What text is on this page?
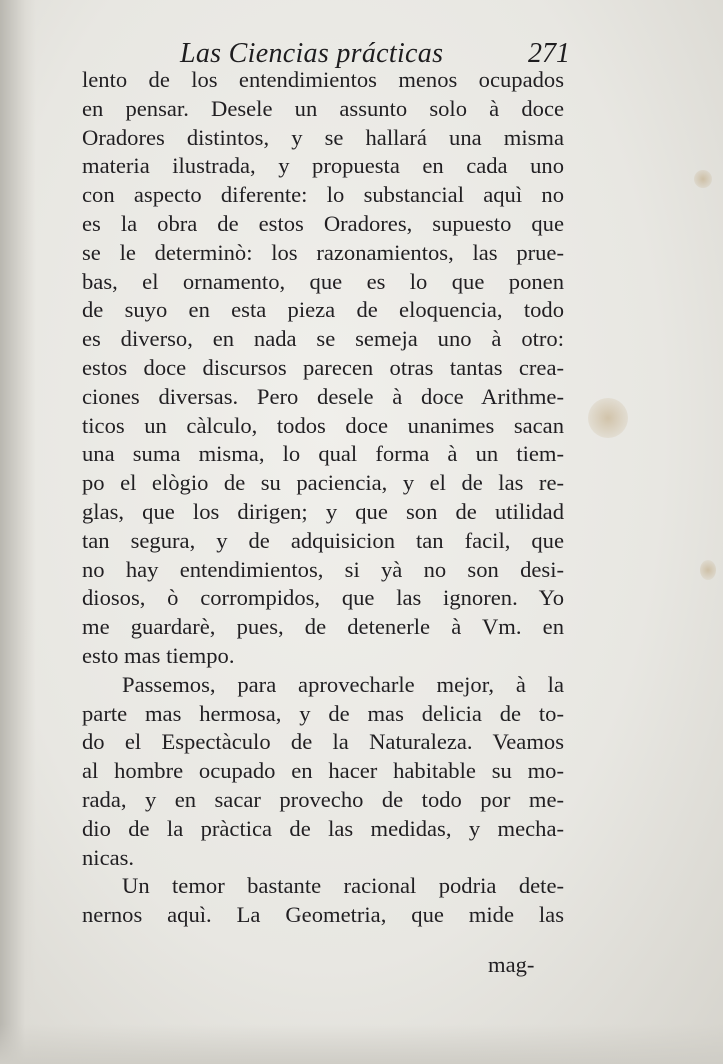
Las Ciencias prácticas	271
lento de los entendimientos menos ocupados
en pensar. Desele un assunto solo à doce
Oradores distintos, y se hallará una misma
materia ilustrada, y propuesta en cada uno
con aspecto diferente: lo substancial aquì no
es la obra de estos Oradores, supuesto que
se le determinò: los razonamientos, las prue-
bas, el ornamento, que es lo que ponen
de suyo en esta pieza de eloquencia, todo
es diverso, en nada se semeja uno à otro:
estos doce discursos parecen otras tantas crea-
ciones diversas. Pero desele à doce Arithme-
ticos un càlculo, todos doce unanimes sacan
una suma misma, lo qual forma à un tiem-
po el elògio de su paciencia, y el de las re-
glas, que los dirigen; y que son de utilidad
tan segura, y de adquisicion tan facil, que
no hay entendimientos, si yà no son desi-
diosos, ò corrompidos, que las ignoren. Yo
me guardarè, pues, de detenerle à Vm. en
esto mas tiempo.
Passemos, para aprovecharle mejor, à la
parte mas hermosa, y de mas delicia de to-
do el Espectàculo de la Naturaleza. Veamos
al hombre ocupado en hacer habitable su mo-
rada, y en sacar provecho de todo por me-
dio de la pràctica de las medidas, y mecha-
nicas.
Un temor bastante racional podria dete-
nernos aquì. La Geometria, que mide las
mag-
